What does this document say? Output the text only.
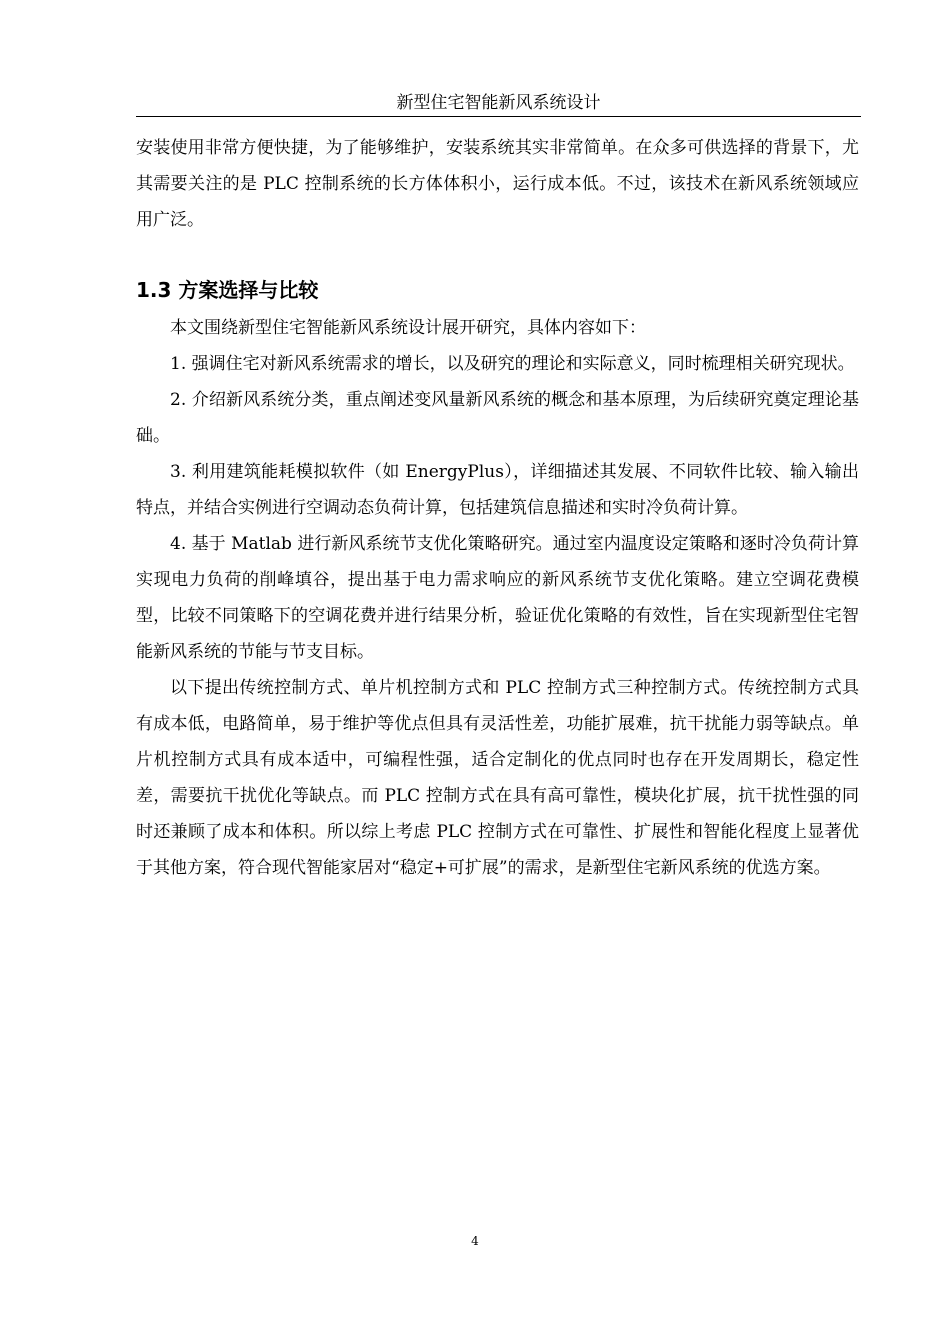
新型住宅智能新风系统设计

安装使用非常方便快捷，为了能够维护，安装系统其实非常简单。在众多可供选择的背景下，尤其需要关注的是 PLC 控制系统的长方体体积小，运行成本低。不过，该技术在新风系统领域应用广泛。

1.3 方案选择与比较

本文围绕新型住宅智能新风系统设计展开研究，具体内容如下：

1. 强调住宅对新风系统需求的增长，以及研究的理论和实际意义，同时梳理相关研究现状。

2. 介绍新风系统分类，重点阐述变风量新风系统的概念和基本原理，为后续研究奠定理论基础。

3. 利用建筑能耗模拟软件（如 EnergyPlus），详细描述其发展、不同软件比较、输入输出特点，并结合实例进行空调动态负荷计算，包括建筑信息描述和实时冷负荷计算。

4. 基于 Matlab 进行新风系统节支优化策略研究。通过室内温度设定策略和逐时冷负荷计算实现电力负荷的削峰填谷，提出基于电力需求响应的新风系统节支优化策略。建立空调花费模型，比较不同策略下的空调花费并进行结果分析，验证优化策略的有效性，旨在实现新型住宅智能新风系统的节能与节支目标。

以下提出传统控制方式、单片机控制方式和 PLC 控制方式三种控制方式。传统控制方式具有成本低，电路简单，易于维护等优点但具有灵活性差，功能扩展难，抗干扰能力弱等缺点。单片机控制方式具有成本适中，可编程性强，适合定制化的优点同时也存在开发周期长，稳定性差，需要抗干扰优化等缺点。而 PLC 控制方式在具有高可靠性，模块化扩展，抗干扰性强的同时还兼顾了成本和体积。所以综上考虑 PLC 控制方式在可靠性、扩展性和智能化程度上显著优于其他方案，符合现代智能家居对“稳定+可扩展”的需求，是新型住宅新风系统的优选方案。

4
